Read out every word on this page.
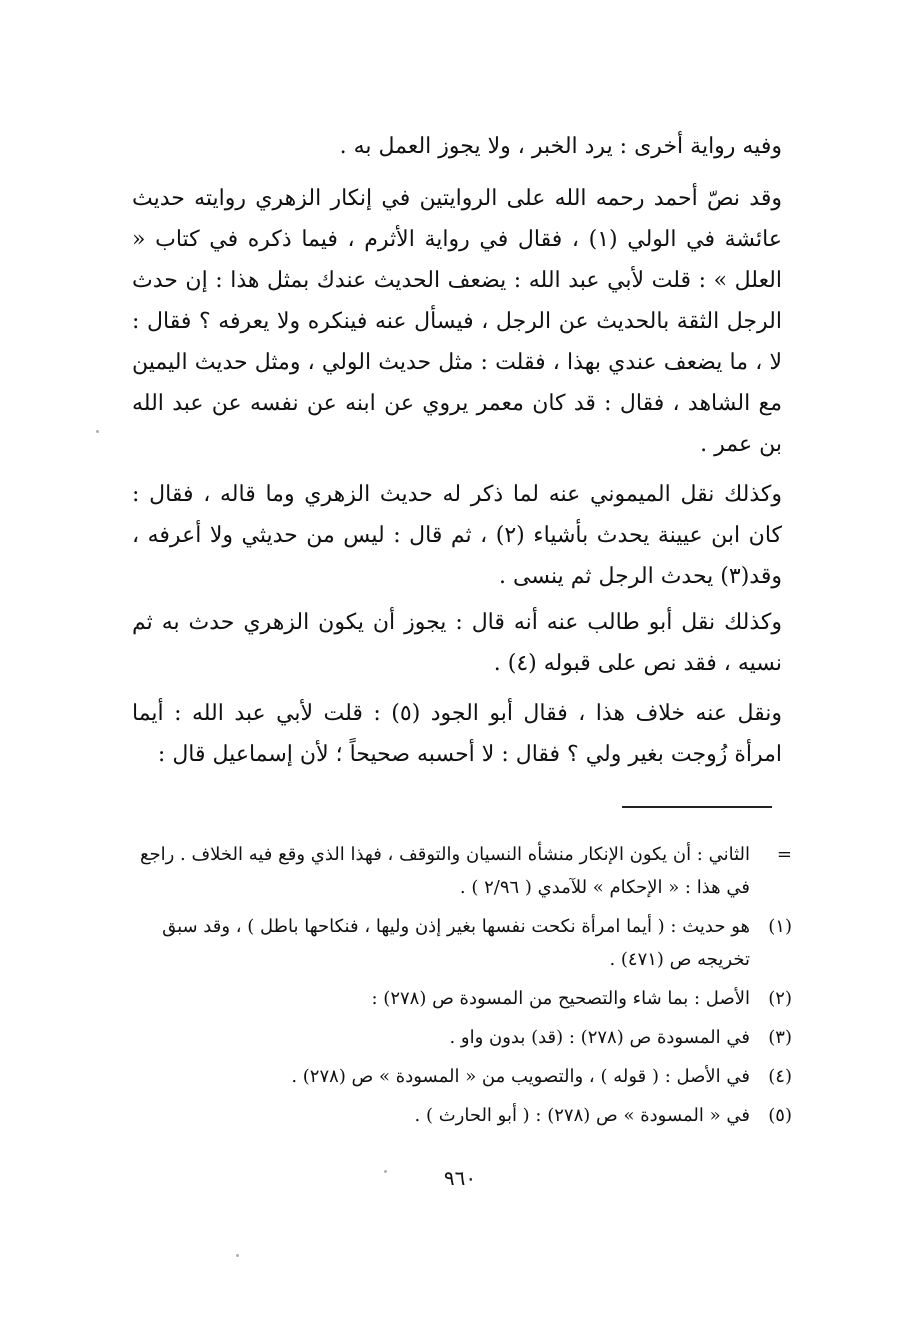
وفيه رواية أخرى : يرد الخبر ، ولا يجوز العمل به .

وقد نصّ أحمد رحمه الله على الروايتين في إنكار الزهري روايته حديث عائشة في الولي (١) ، فقال في رواية الأثرم ، فيما ذكره في كتاب « العلل » : قلت لأبي عبد الله : يضعف الحديث عندك بمثل هذا : إن حدث الرجل الثقة بالحديث عن الرجل ، فيسأل عنه فينكره ولا يعرفه ؟ فقال : لا ، ما يضعف عندي بهذا ، فقلت : مثل حديث الولي ، ومثل حديث اليمين مع الشاهد ، فقال : قد كان معمر يروي عن ابنه عن نفسه عن عبد الله بن عمر .

وكذلك نقل الميموني عنه لما ذكر له حديث الزهري وما قاله ، فقال : كان ابن عيينة يحدث بأشياء (٢) ، ثم قال : ليس من حديثي ولا أعرفه ، وقد(٣) يحدث الرجل ثم ينسى .

وكذلك نقل أبو طالب عنه أنه قال : يجوز أن يكون الزهري حدث به ثم نسيه ، فقد نص على قبوله (٤) .

ونقل عنه خلاف هذا ، فقال أبو الجود (٥) : قلت لأبي عبد الله : أيما امرأة زُوجت بغير ولي ؟ فقال : لا أحسبه صحيحاً ؛ لأن إسماعيل قال :

=
الثاني : أن يكون الإنكار منشأه النسيان والتوقف ، فهذا الذي وقع فيه الخلاف . راجع في هذا : « الإحكام » للآمدي ( ٢/٩٦ ) .
(١)
هو حديث : ( أيما امرأة نكحت نفسها بغير إذن وليها ، فنكاحها باطل ) ، وقد سبق تخريجه ص (٤٧١) .
(٢)
الأصل : بما شاء والتصحيح من المسودة ص (٢٧٨) :
(٣)
في المسودة ص (٢٧٨) : (قد) بدون واو .
(٤)
في الأصل : ( قوله ) ، والتصويب من « المسودة » ص (٢٧٨) .
(٥)
في « المسودة » ص (٢٧٨) : ( أبو الحارث ) .
٩٦٠
